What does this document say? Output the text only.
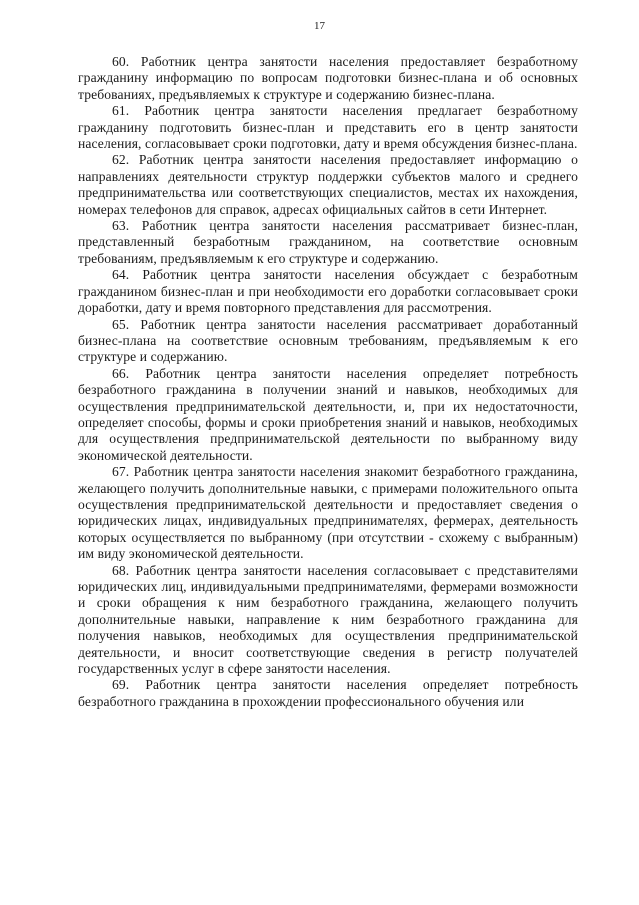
17

60. Работник центра занятости населения предоставляет безработному гражданину информацию по вопросам подготовки бизнес-плана и об основных требованиях, предъявляемых к структуре и содержанию бизнес-плана.

61. Работник центра занятости населения предлагает безработному гражданину подготовить бизнес-план и представить его в центр занятости населения, согласовывает сроки подготовки, дату и время обсуждения бизнес-плана.

62. Работник центра занятости населения предоставляет информацию о направлениях деятельности структур поддержки субъектов малого и среднего предпринимательства или соответствующих специалистов, местах их нахождения, номерах телефонов для справок, адресах официальных сайтов в сети Интернет.

63. Работник центра занятости населения рассматривает бизнес-план, представленный безработным гражданином, на соответствие основным требованиям, предъявляемым к его структуре и содержанию.

64. Работник центра занятости населения обсуждает с безработным гражданином бизнес-план и при необходимости его доработки согласовывает сроки доработки, дату и время повторного представления для рассмотрения.

65. Работник центра занятости населения рассматривает доработанный бизнес-плана на соответствие основным требованиям, предъявляемым к его структуре и содержанию.

66. Работник центра занятости населения определяет потребность безработного гражданина в получении знаний и навыков, необходимых для осуществления предпринимательской деятельности, и, при их недостаточности, определяет способы, формы и сроки приобретения знаний и навыков, необходимых для осуществления предпринимательской деятельности по выбранному виду экономической деятельности.

67. Работник центра занятости населения знакомит безработного гражданина, желающего получить дополнительные навыки, с примерами положительного опыта осуществления предпринимательской деятельности и предоставляет сведения о юридических лицах, индивидуальных предпринимателях, фермерах, деятельность которых осуществляется по выбранному (при отсутствии - схожему с выбранным) им виду экономической деятельности.

68. Работник центра занятости населения согласовывает с представителями юридических лиц, индивидуальными предпринимателями, фермерами возможности и сроки обращения к ним безработного гражданина, желающего получить дополнительные навыки, направление к ним безработного гражданина для получения навыков, необходимых для осуществления предпринимательской деятельности, и вносит соответствующие сведения в регистр получателей государственных услуг в сфере занятости населения.

69. Работник центра занятости населения определяет потребность безработного гражданина в прохождении профессионального обучения или
